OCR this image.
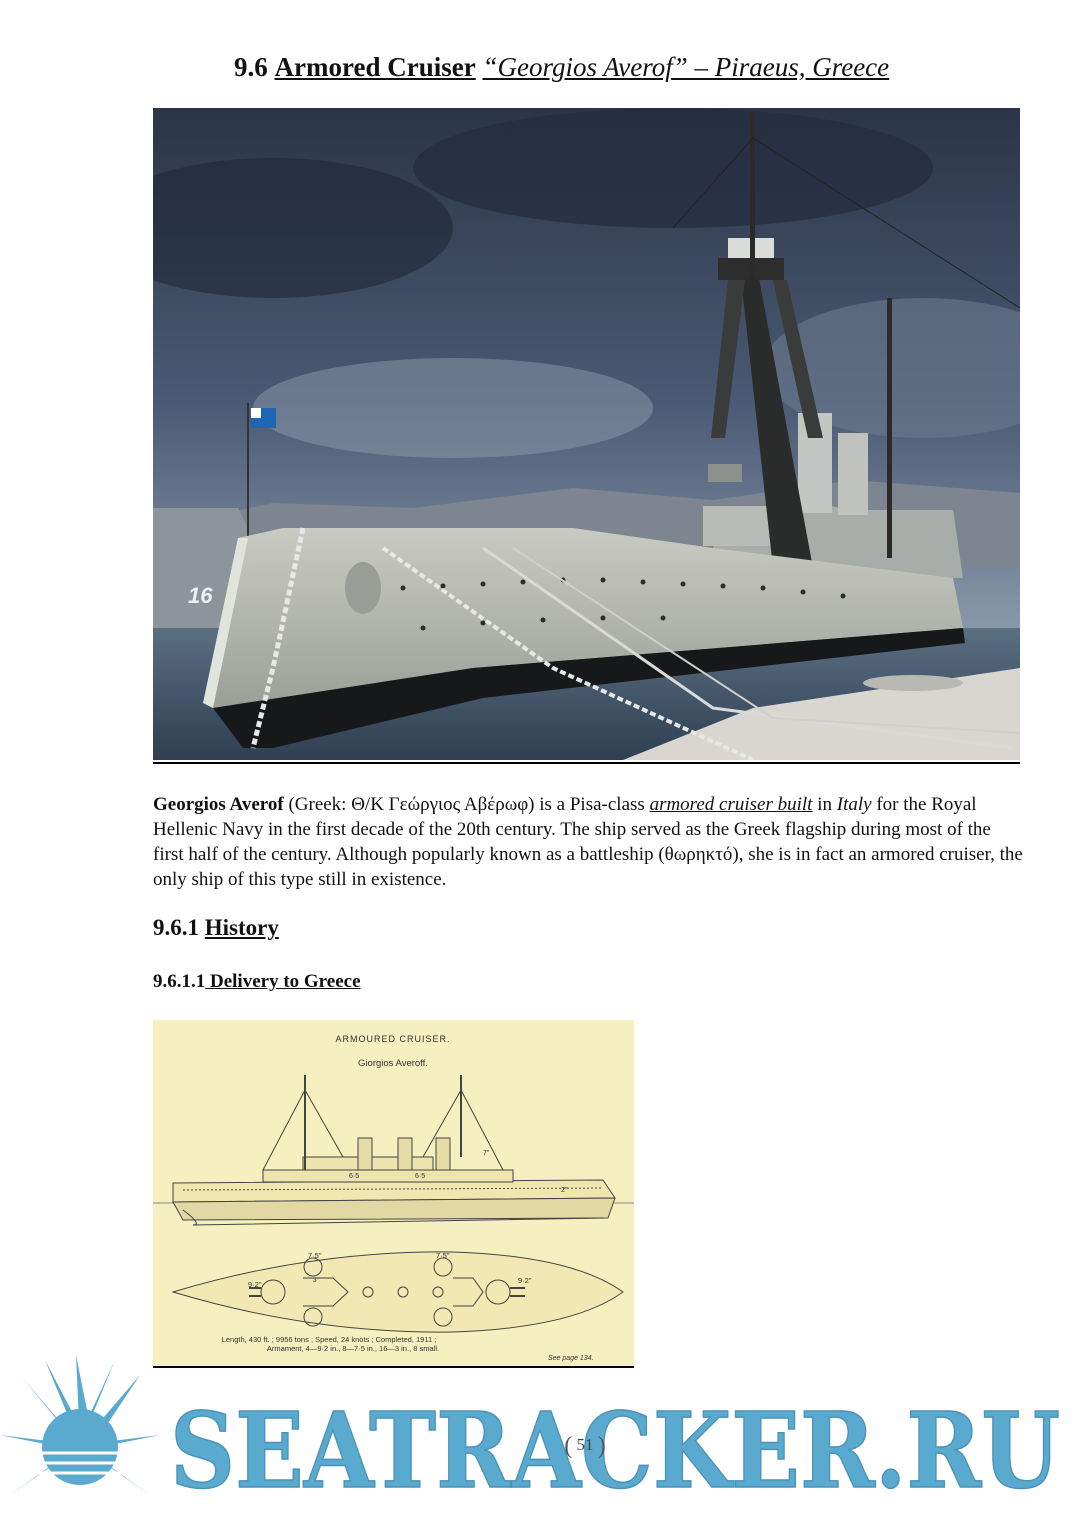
9.6 Armored Cruiser “Georgios Averof” – Piraeus, Greece
16
Georgios Averof (Greek: Θ/Κ Γεώργιος Αβέρωφ) is a Pisa-class armored cruiser built in Italy for the Royal Hellenic Navy in the first decade of the 20th century. The ship served as the Greek flagship during most of the first half of the century. Although popularly known as a battleship (θωρηκτό), she is in fact an armored cruiser, the only ship of this type still in existence.
9.6.1 History
9.6.1.1 Delivery to Greece
ARMOURED CRUISER.
Giorgios Averoff.
7"
6·5	6·5
2"
9·2"
7·5"	7·5"
9·2"
3"
Length, 430 ft. ; 9956 tons ; Speed, 24 knots ; Completed, 1911 ;
Armament, 4—9·2 in., 8—7·5 in., 16—3 in., 8 small.
See page 134.
SEATRACKER.RU
( 51 )
